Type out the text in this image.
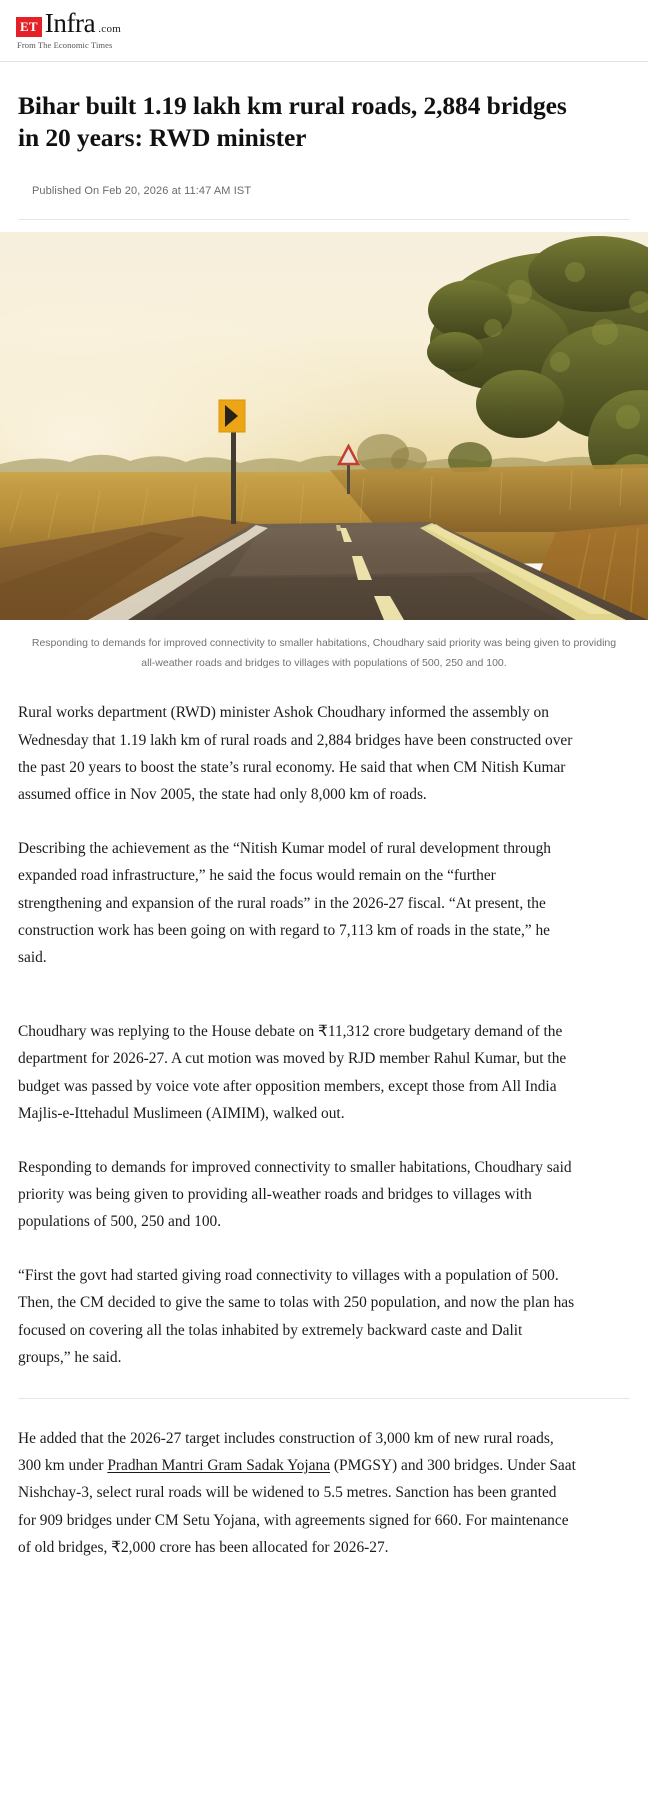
ET Infra .com
From The Economic Times
Bihar built 1.19 lakh km rural roads, 2,884 bridges in 20 years: RWD minister
Published On Feb 20, 2026 at 11:47 AM IST
Responding to demands for improved connectivity to smaller habitations, Choudhary said priority was being given to providing all-weather roads and bridges to villages with populations of 500, 250 and 100.

Rural works department (RWD) minister Ashok Choudhary informed the assembly on Wednesday that 1.19 lakh km of rural roads and 2,884 bridges have been constructed over the past 20 years to boost the state’s rural economy. He said that when CM Nitish Kumar assumed office in Nov 2005, the state had only 8,000 km of roads.

Describing the achievement as the “Nitish Kumar model of rural development through expanded road infrastructure,” he said the focus would remain on the “further strengthening and expansion of the rural roads” in the 2026-27 fiscal. “At present, the construction work has been going on with regard to 7,113 km of roads in the state,” he said.

Choudhary was replying to the House debate on ₹11,312 crore budgetary demand of the department for 2026-27. A cut motion was moved by RJD member Rahul Kumar, but the budget was passed by voice vote after opposition members, except those from All India Majlis-e-Ittehadul Muslimeen (AIMIM), walked out.

Responding to demands for improved connectivity to smaller habitations, Choudhary said priority was being given to providing all-weather roads and bridges to villages with populations of 500, 250 and 100.

“First the govt had started giving road connectivity to villages with a population of 500. Then, the CM decided to give the same to tolas with 250 population, and now the plan has focused on covering all the tolas inhabited by extremely backward caste and Dalit groups,” he said.

He added that the 2026-27 target includes construction of 3,000 km of new rural roads, 300 km under Pradhan Mantri Gram Sadak Yojana (PMGSY) and 300 bridges. Under Saat Nishchay-3, select rural roads will be widened to 5.5 metres. Sanction has been granted for 909 bridges under CM Setu Yojana, with agreements signed for 660. For maintenance of old bridges, ₹2,000 crore has been allocated for 2026-27.
